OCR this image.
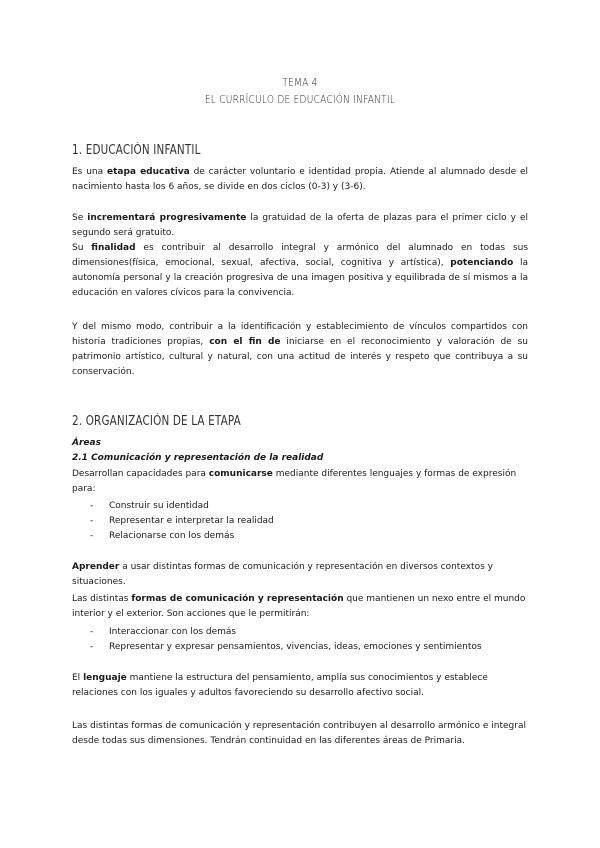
TEMA 4
EL CURRÍCULO DE EDUCACIÓN INFANTIL
1. EDUCACIÓN INFANTIL
Es una etapa educativa de carácter voluntario e identidad propia. Atiende al alumnado desde el nacimiento hasta los 6 años, se divide en dos ciclos (0-3) y (3-6).
Se incrementará progresivamente la gratuidad de la oferta de plazas para el primer ciclo y el segundo será gratuito.
Su finalidad es contribuir al desarrollo integral y armónico del alumnado en todas sus dimensiones(física, emocional, sexual, afectiva, social, cognitiva y artística), potenciando la autonomía personal y la creación progresiva de una imagen positiva y equilibrada de sí mismos a la educación en valores cívicos para la convivencia.
Y del mismo modo, contribuir a la identificación y establecimiento de vínculos compartidos con historia tradiciones propias, con el fin de iniciarse en el reconocimiento y valoración de su patrimonio artístico, cultural y natural, con una actitud de interés y respeto que contribuya a su conservación.
2. ORGANIZACIÓN DE LA ETAPA
Áreas
2.1 Comunicación y representación de la realidad
Desarrollan capacidades para comunicarse mediante diferentes lenguajes y formas de expresión para:
- Construir su identidad
- Representar e interpretar la realidad
- Relacionarse con los demás
Aprender a usar distintas formas de comunicación y representación en diversos contextos y situaciones.
Las distintas formas de comunicación y representación que mantienen un nexo entre el mundo interior y el exterior. Son acciones que le permitirán:
- Interaccionar con los demás
- Representar y expresar pensamientos, vivencias, ideas, emociones y sentimientos
El lenguaje mantiene la estructura del pensamiento, amplía sus conocimientos y establece relaciones con los iguales y adultos favoreciendo su desarrollo afectivo social.
Las distintas formas de comunicación y representación contribuyen al desarrollo armónico e integral desde todas sus dimensiones. Tendrán continuidad en las diferentes áreas de Primaria.
